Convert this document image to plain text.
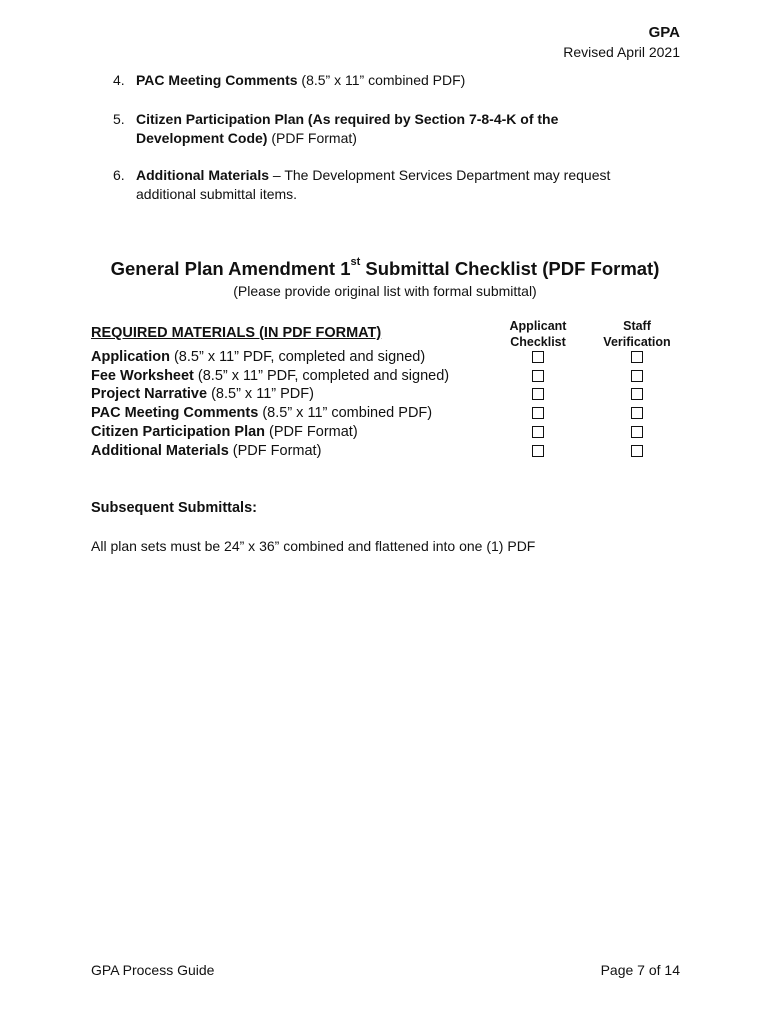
GPA
Revised April 2021
4. PAC Meeting Comments (8.5” x 11” combined PDF)
5. Citizen Participation Plan (As required by Section 7-8-4-K of the Development Code) (PDF Format)
6. Additional Materials – The Development Services Department may request additional submittal items.
General Plan Amendment 1st Submittal Checklist (PDF Format)
(Please provide original list with formal submittal)
REQUIRED MATERIALS (IN PDF FORMAT)	Applicant
Checklist
Staff
Verification
Application (8.5” x 11” PDF, completed and signed)
Fee Worksheet (8.5” x 11” PDF, completed and signed)
Project Narrative (8.5” x 11” PDF)
PAC Meeting Comments (8.5” x 11” combined PDF)
Citizen Participation Plan (PDF Format)
Additional Materials (PDF Format)
Subsequent Submittals:
All plan sets must be 24” x 36” combined and flattened into one (1) PDF
GPA Process Guide	Page 7 of 14
